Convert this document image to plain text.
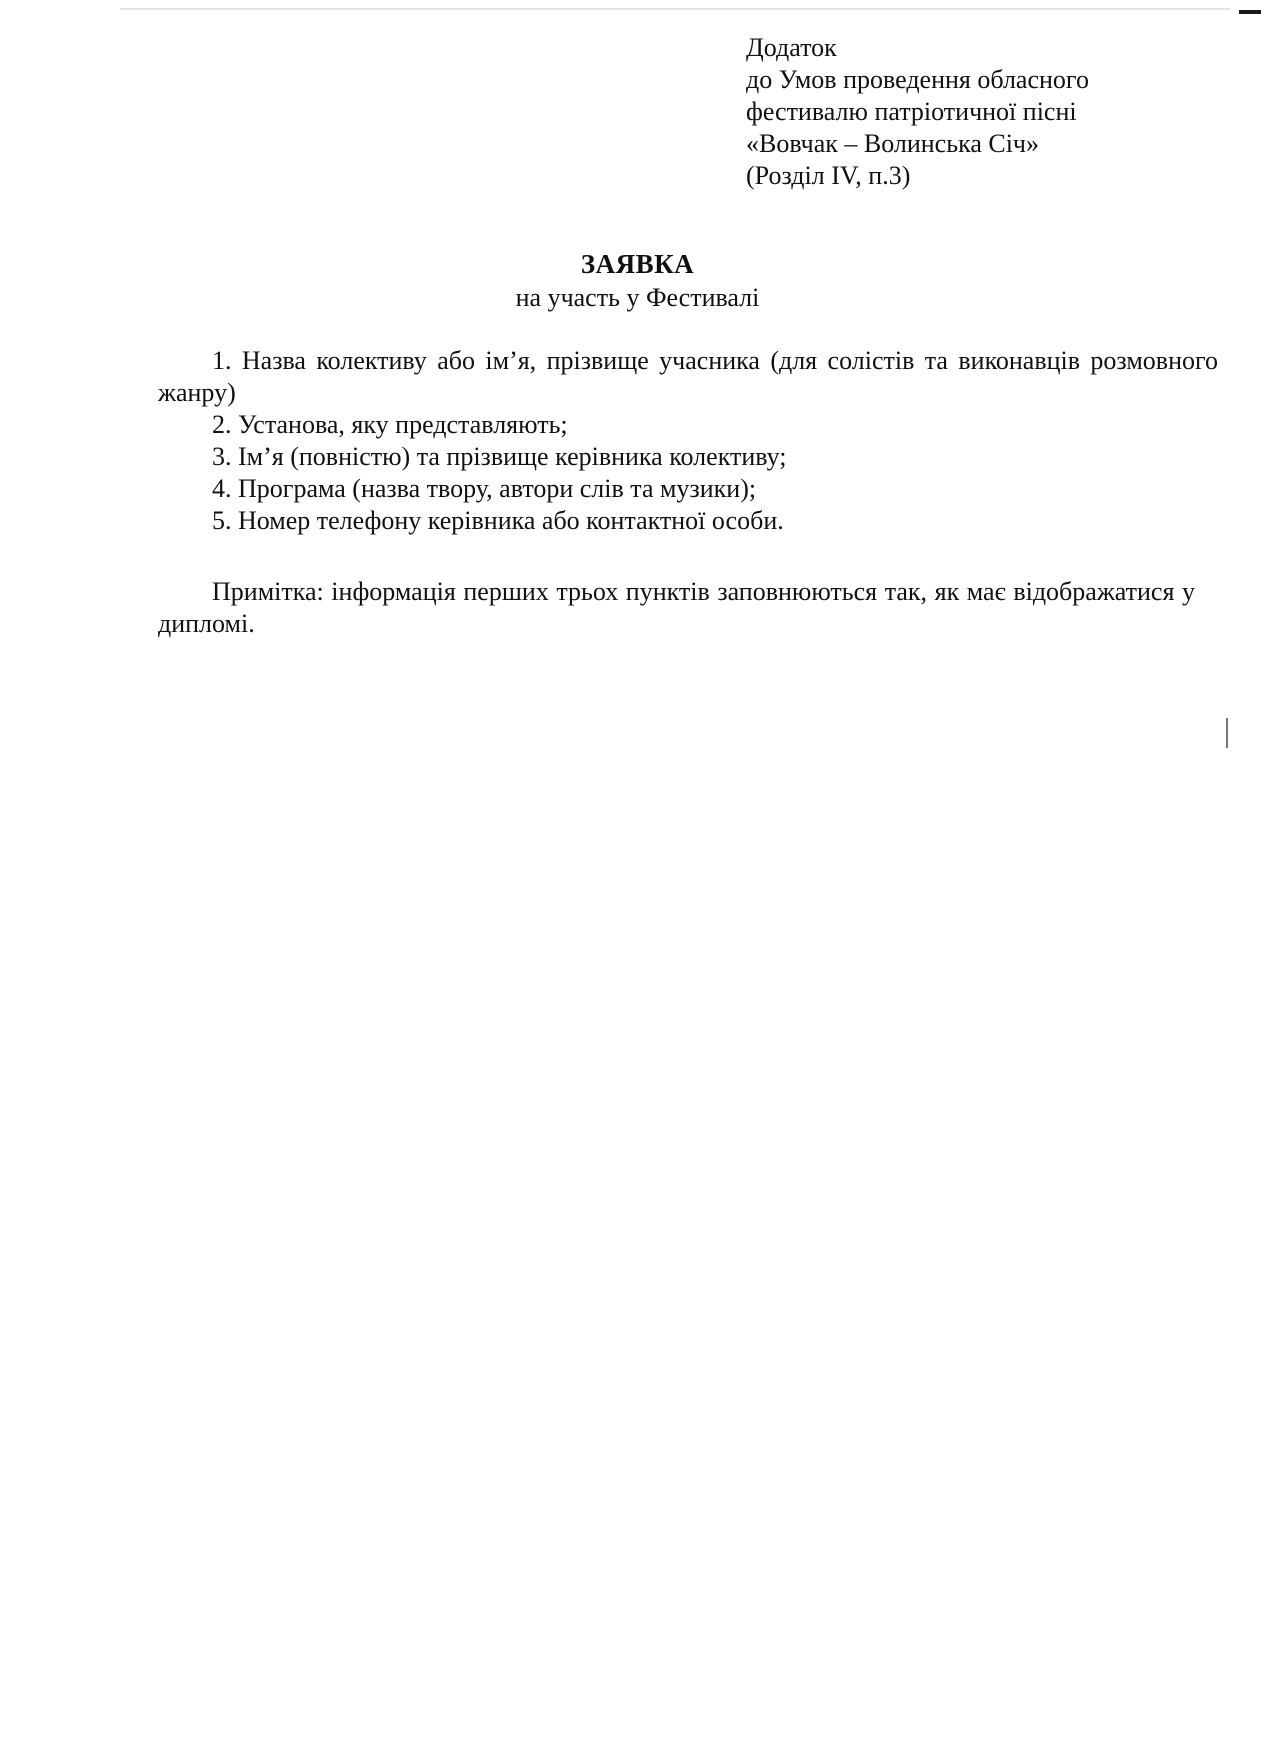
Додаток
до Умов проведення обласного
фестивалю патріотичної пісні
«Вовчак – Волинська Січ»
(Розділ IV, п.3)
ЗАЯВКА
на участь у Фестивалі
1. Назва колективу або ім’я, прізвище учасника (для солістів та виконавців розмовного жанру)
2. Установа, яку представляють;
3. Ім’я (повністю) та прізвище керівника колективу;
4. Програма (назва твору, автори слів та музики);
5. Номер телефону керівника або контактної особи.
Примітка: інформація перших трьох пунктів заповнюються так, як має відображатися у дипломі.
